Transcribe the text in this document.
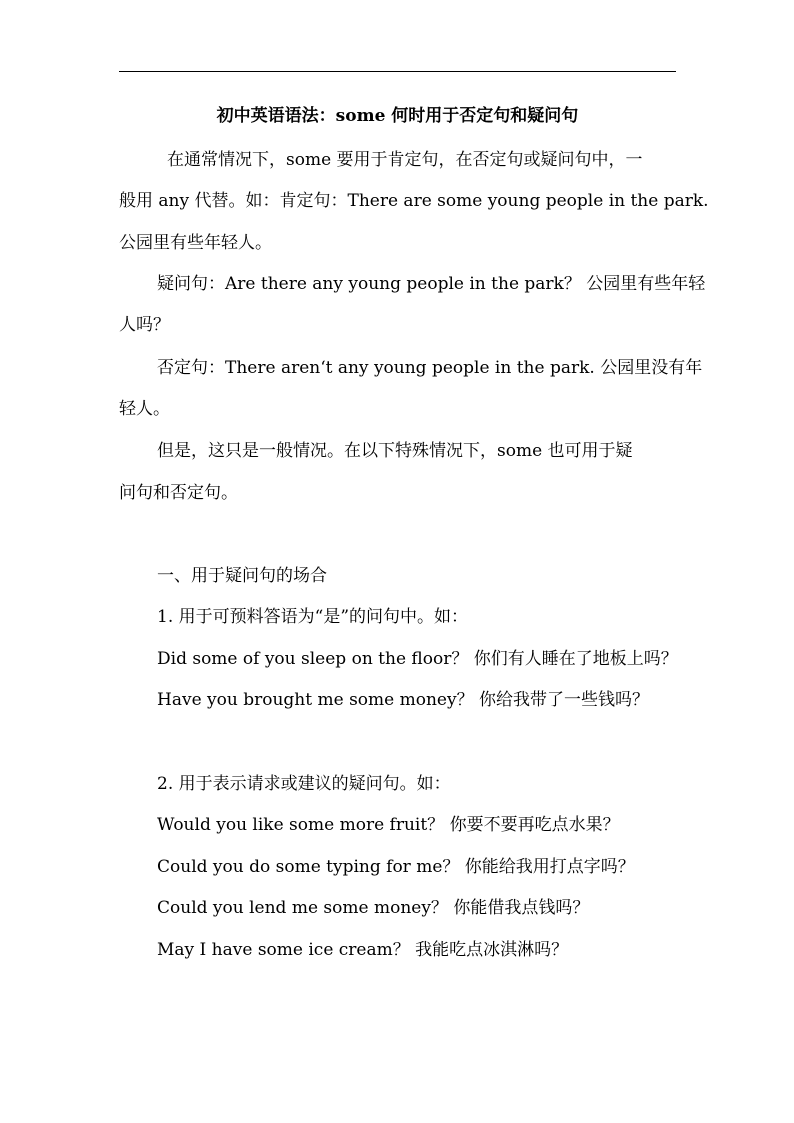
初中英语语法：some 何时用于否定句和疑问句
在通常情况下，some 要用于肯定句，在否定句或疑问句中，一
般用 any 代替。如：肯定句：There are some young people in the park.
公园里有些年轻人。
疑问句：Are there any young people in the park？ 公园里有些年轻
人吗？
否定句：There aren‘t any young people in the park. 公园里没有年
轻人。
但是，这只是一般情况。在以下特殊情况下，some 也可用于疑
问句和否定句。
一、用于疑问句的场合
1. 用于可预料答语为“是”的问句中。如：
Did some of you sleep on the floor？ 你们有人睡在了地板上吗？
Have you brought me some money？ 你给我带了一些钱吗？
2. 用于表示请求或建议的疑问句。如：
Would you like some more fruit？ 你要不要再吃点水果？
Could you do some typing for me？ 你能给我用打点字吗？
Could you lend me some money？ 你能借我点钱吗？
May I have some ice cream？ 我能吃点冰淇淋吗？
